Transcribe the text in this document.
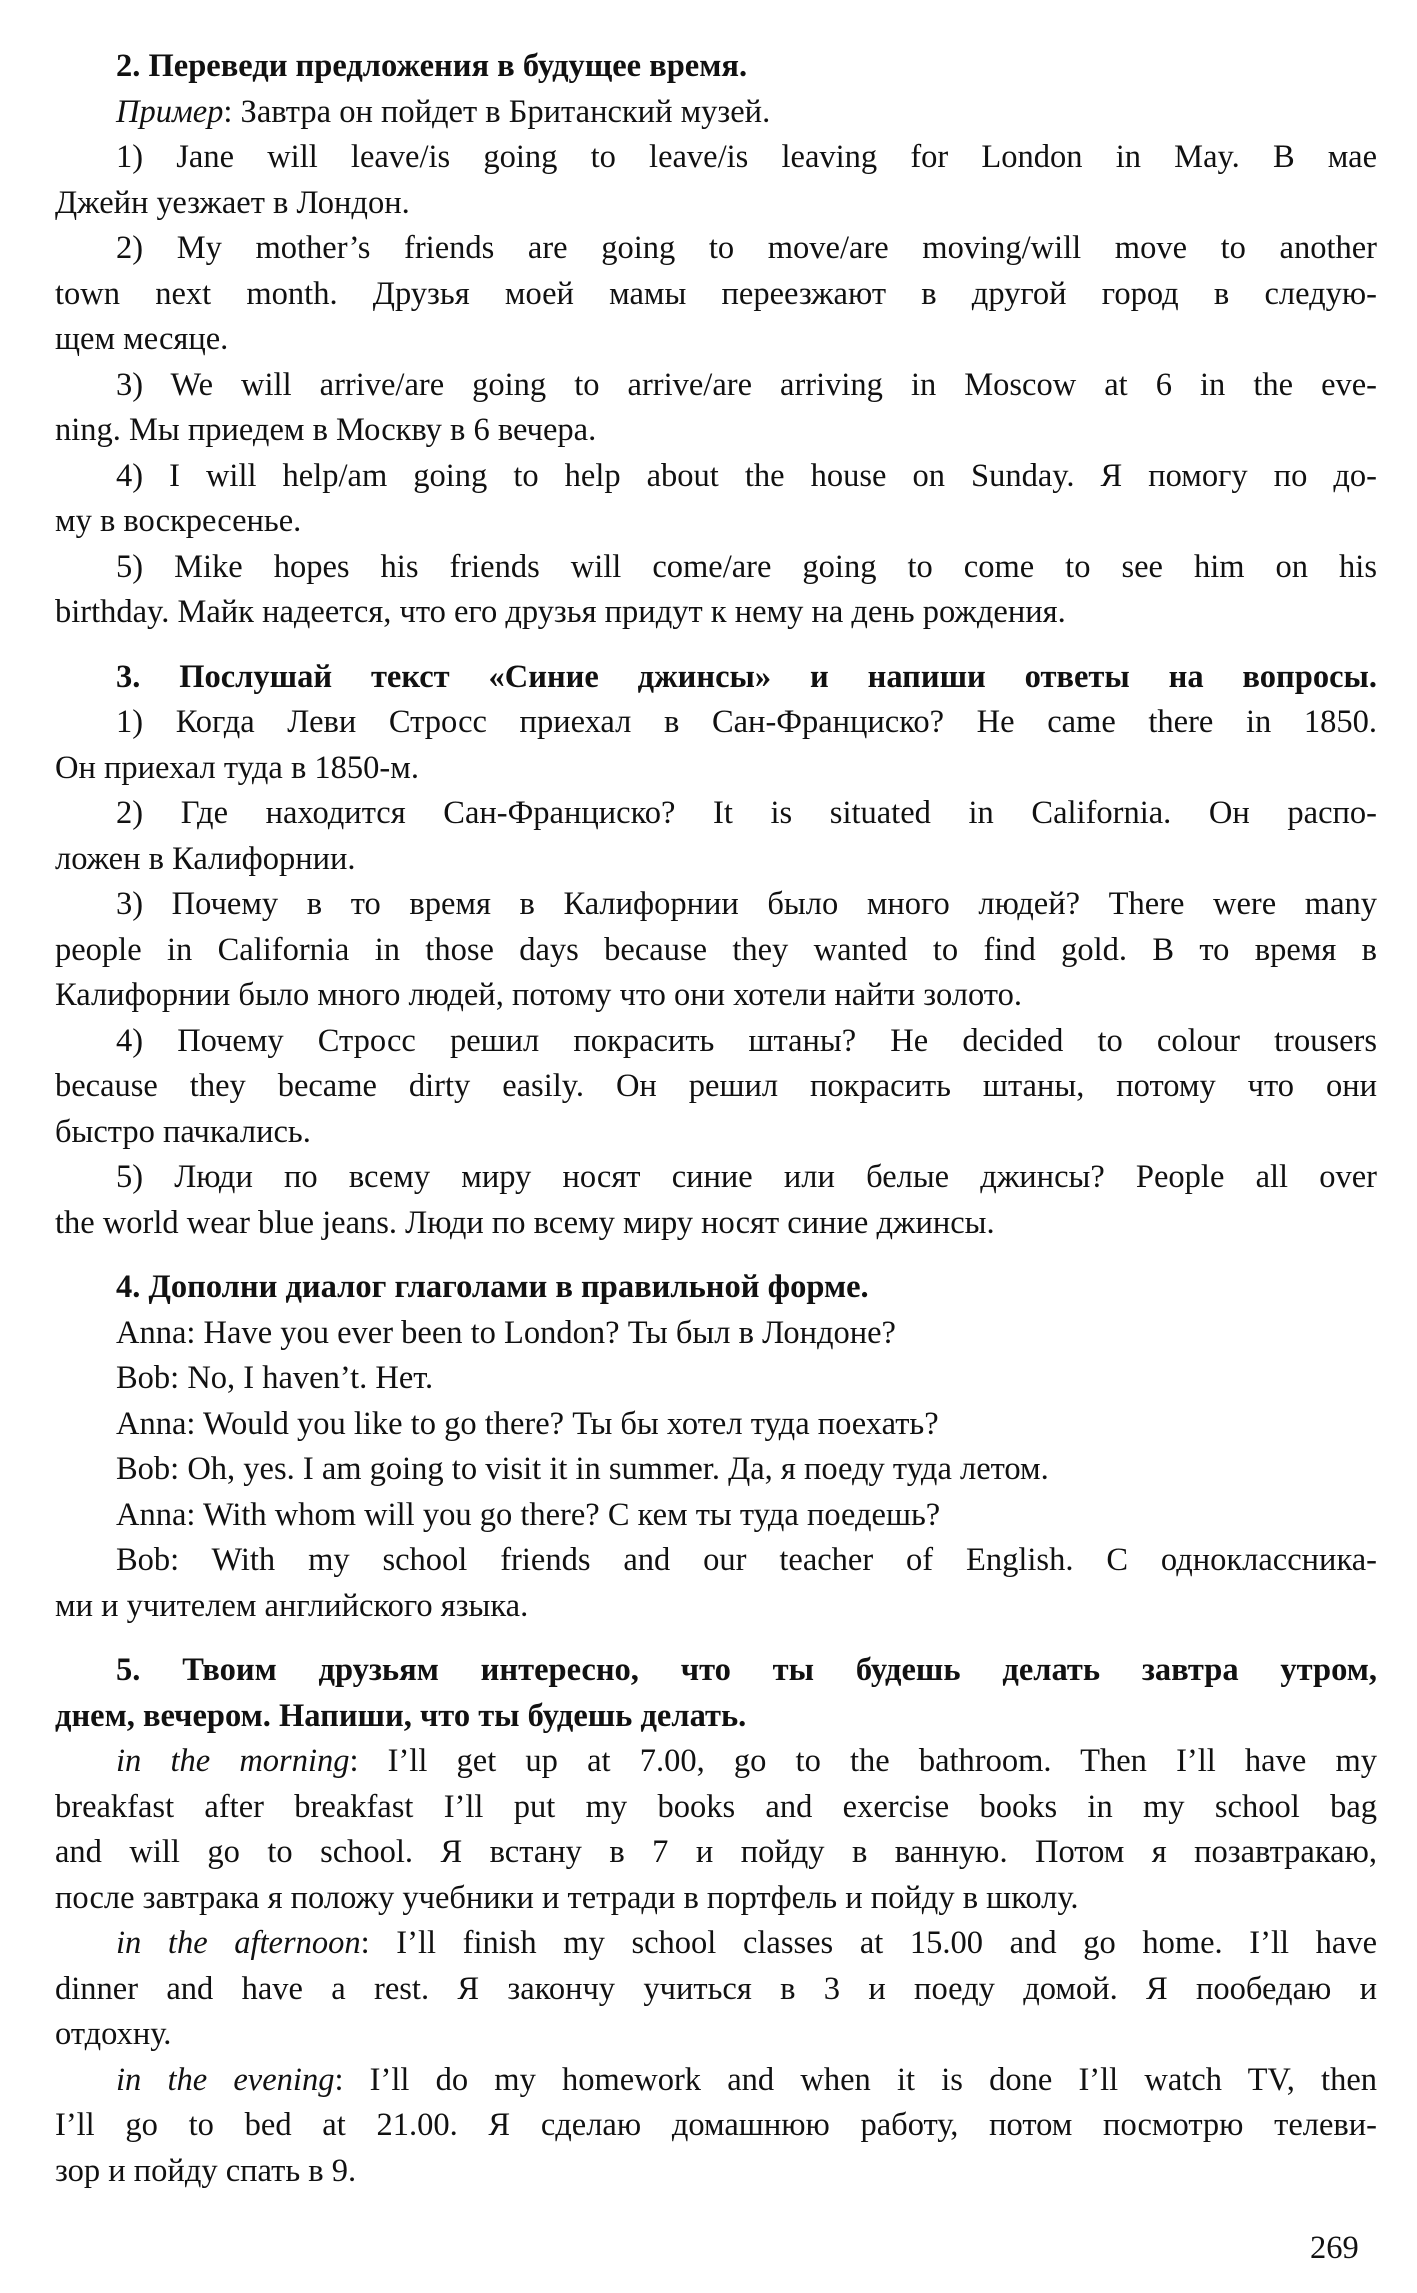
2. Переведи предложения в будущее время.
Пример: Завтра он пойдет в Британский музей.
1) Jane will leave/is going to leave/is leaving for London in May. В мае
Джейн уезжает в Лондон.
2) My mother’s friends are going to move/are moving/will move to another
town next month. Друзья моей мамы переезжают в другой город в следую-
щем месяце.
3) We will arrive/are going to arrive/are arriving in Moscow at 6 in the eve-
ning. Мы приедем в Москву в 6 вечера.
4) I will help/am going to help about the house on Sunday. Я помогу по до-
му в воскресенье.
5) Mike hopes his friends will come/are going to come to see him on his
birthday. Майк надеется, что его друзья придут к нему на день рождения.
3. Послушай текст «Синие джинсы» и напиши ответы на вопросы.
1) Когда Леви Стросс приехал в Сан-Франциско? He came there in 1850.
Он приехал туда в 1850-м.
2) Где находится Сан-Франциско? It is situated in California. Он распо-
ложен в Калифорнии.
3) Почему в то время в Калифорнии было много людей? There were many
people in California in those days because they wanted to find gold. В то время в
Калифорнии было много людей, потому что они хотели найти золото.
4) Почему Стросс решил покрасить штаны? He decided to colour trousers
because they became dirty easily. Он решил покрасить штаны, потому что они
быстро пачкались.
5) Люди по всему миру носят синие или белые джинсы? People all over
the world wear blue jeans. Люди по всему миру носят синие джинсы.
4. Дополни диалог глаголами в правильной форме.
Anna: Have you ever been to London? Ты был в Лондоне?
Bob: No, I haven’t. Нет.
Anna: Would you like to go there? Ты бы хотел туда поехать?
Bob: Oh, yes. I am going to visit it in summer. Да, я поеду туда летом.
Anna: With whom will you go there? С кем ты туда поедешь?
Bob: With my school friends and our teacher of English. С одноклассника-
ми и учителем английского языка.
5. Твоим друзьям интересно, что ты будешь делать завтра утром,
днем, вечером. Напиши, что ты будешь делать.
in the morning: I’ll get up at 7.00, go to the bathroom. Then I’ll have my
breakfast after breakfast I’ll put my books and exercise books in my school bag
and will go to school. Я встану в 7 и пойду в ванную. Потом я позавтракаю,
после завтрака я положу учебники и тетради в портфель и пойду в школу.
in the afternoon: I’ll finish my school classes at 15.00 and go home. I’ll have
dinner and have a rest. Я закончу учиться в 3 и поеду домой. Я пообедаю и
отдохну.
in the evening: I’ll do my homework and when it is done I’ll watch TV, then
I’ll go to bed at 21.00. Я сделаю домашнюю работу, потом посмотрю телеви-
зор и пойду спать в 9.
269
